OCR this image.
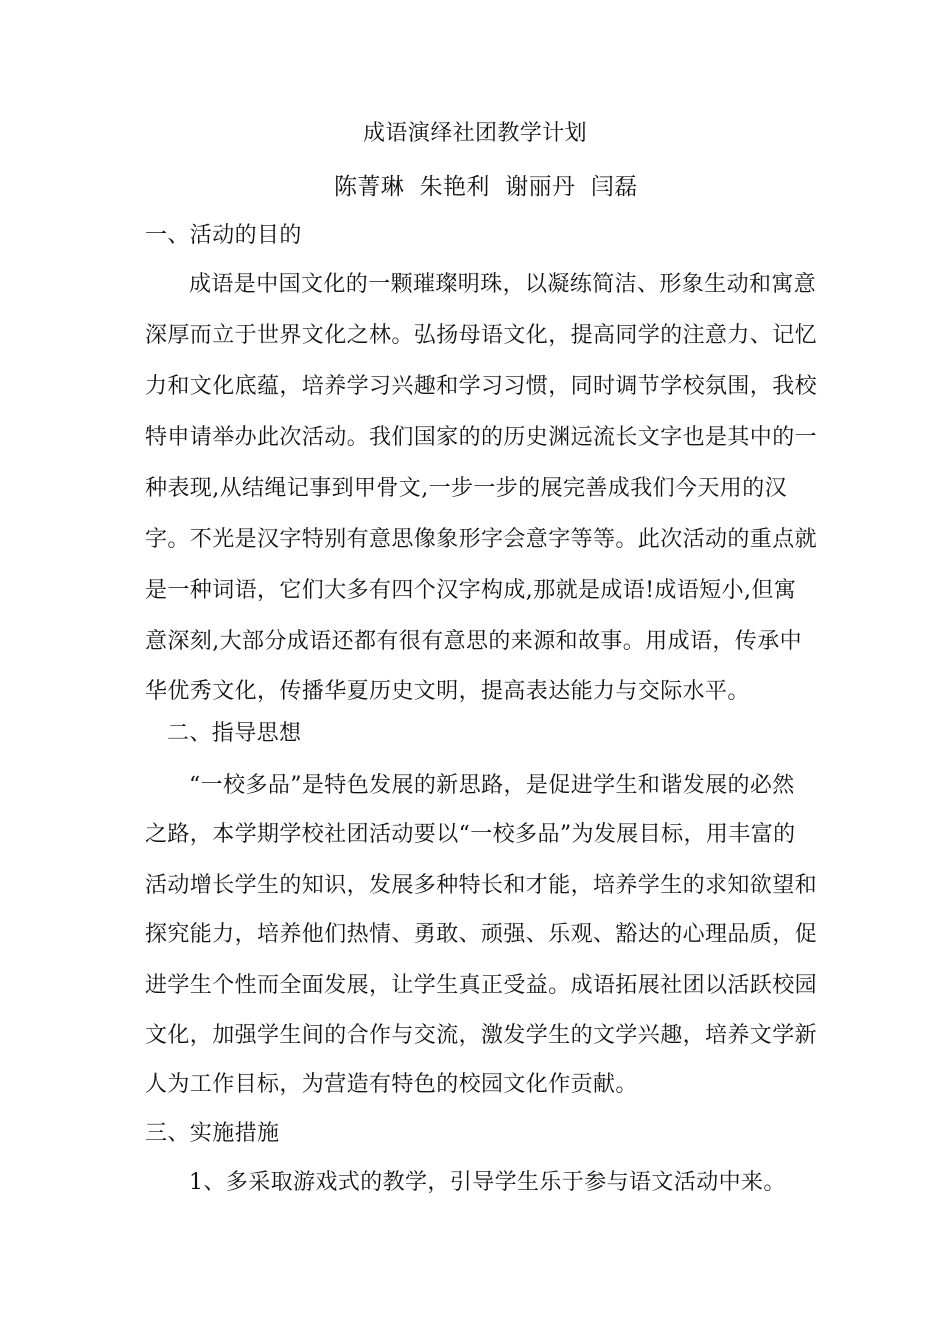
成语演绎社团教学计划
陈菁琳  朱艳利  谢丽丹  闫磊
一、活动的目的
成语是中国文化的一颗璀璨明珠，以凝练简洁、形象生动和寓意
深厚而立于世界文化之林。弘扬母语文化，提高同学的注意力、记忆
力和文化底蕴，培养学习兴趣和学习习惯，同时调节学校氛围，我校
特申请举办此次活动。我们国家的的历史渊远流长文字也是其中的一
种表现,从结绳记事到甲骨文,一步一步的展完善成我们今天用的汉
字。不光是汉字特别有意思像象形字会意字等等。此次活动的重点就
是一种词语，它们大多有四个汉字构成,那就是成语!成语短小,但寓
意深刻,大部分成语还都有很有意思的来源和故事。用成语，传承中
华优秀文化，传播华夏历史文明，提高表达能力与交际水平。
二、指导思想
“一校多品”是特色发展的新思路，是促进学生和谐发展的必然
之路，本学期学校社团活动要以“一校多品”为发展目标，用丰富的
活动增长学生的知识，发展多种特长和才能，培养学生的求知欲望和
探究能力，培养他们热情、勇敢、顽强、乐观、豁达的心理品质，促
进学生个性而全面发展，让学生真正受益。成语拓展社团以活跃校园
文化，加强学生间的合作与交流，激发学生的文学兴趣，培养文学新
人为工作目标，为营造有特色的校园文化作贡献。
三、实施措施
1、多采取游戏式的教学，引导学生乐于参与语文活动中来。
